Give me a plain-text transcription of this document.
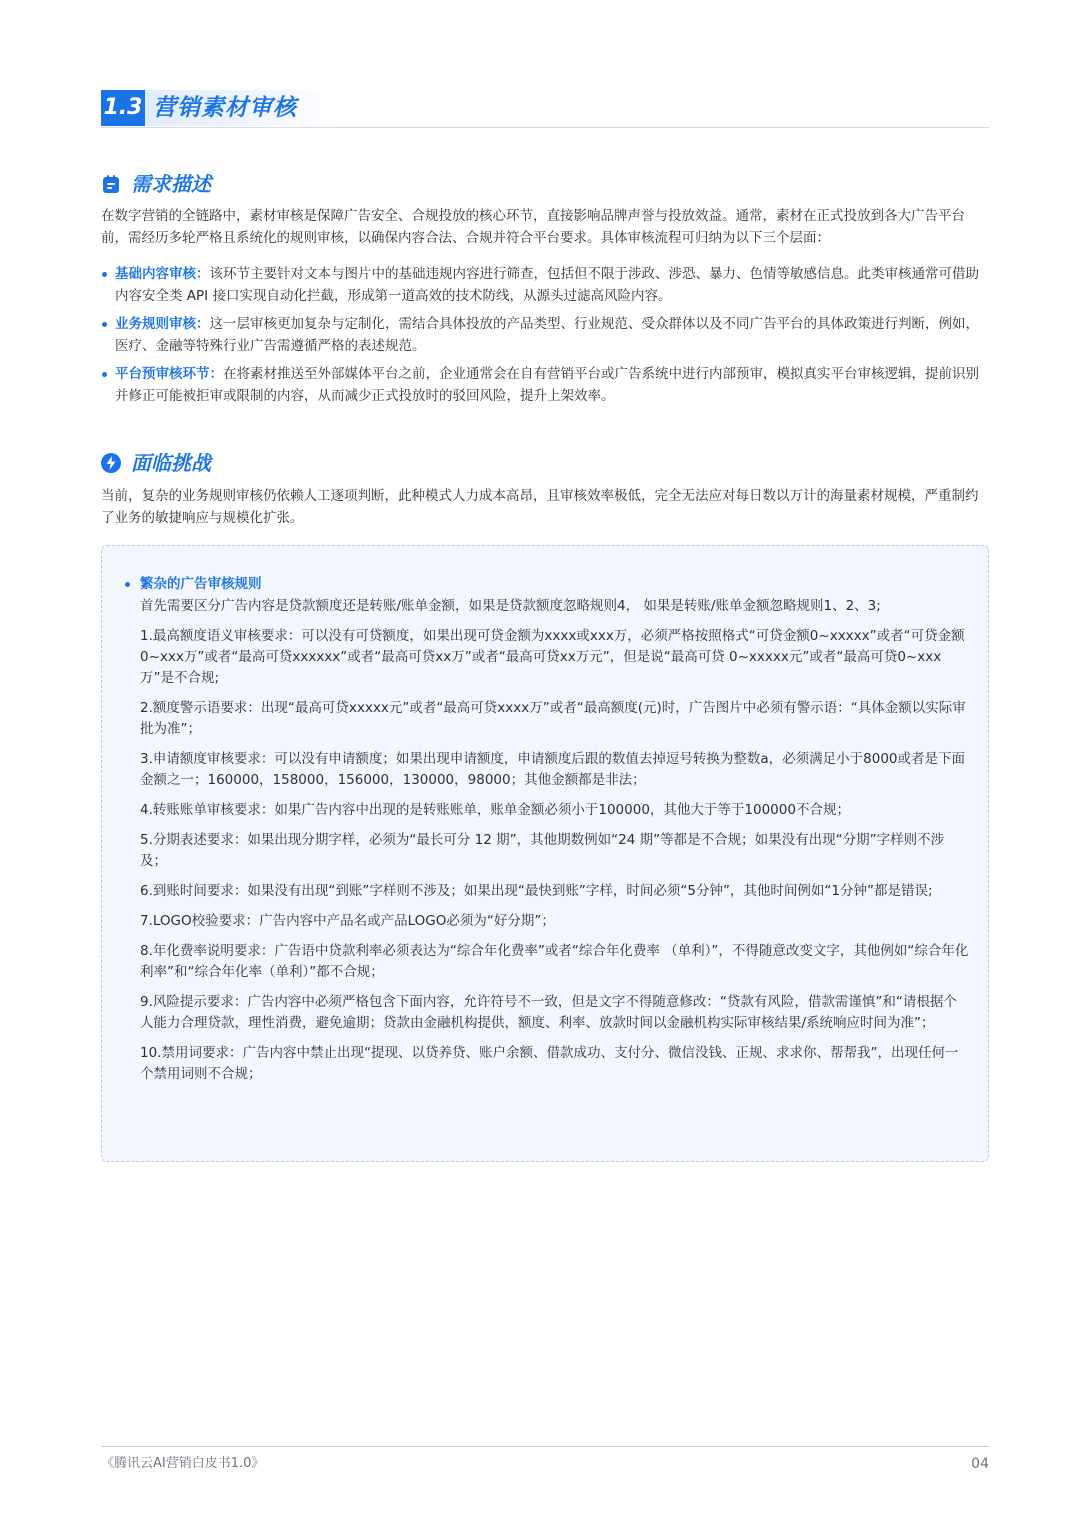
1.3 营销素材审核
需求描述

在数字营销的全链路中，素材审核是保障广告安全、合规投放的核心环节，直接影响品牌声誉与投放效益。通常，素材在正式投放到各大广告平台前，需经历多轮严格且系统化的规则审核，以确保内容合法、合规并符合平台要求。具体审核流程可归纳为以下三个层面：

基础内容审核：该环节主要针对文本与图片中的基础违规内容进行筛查，包括但不限于涉政、涉恐、暴力、色情等敏感信息。此类审核通常可借助内容安全类 API 接口实现自动化拦截，形成第一道高效的技术防线，从源头过滤高风险内容。
业务规则审核：这一层审核更加复杂与定制化，需结合具体投放的产品类型、行业规范、受众群体以及不同广告平台的具体政策进行判断，例如，医疗、金融等特殊行业广告需遵循严格的表述规范。
平台预审核环节：在将素材推送至外部媒体平台之前，企业通常会在自有营销平台或广告系统中进行内部预审，模拟真实平台审核逻辑，提前识别并修正可能被拒审或限制的内容，从而减少正式投放时的驳回风险，提升上架效率。
面临挑战

当前，复杂的业务规则审核仍依赖人工逐项判断，此种模式人力成本高昂，且审核效率极低，完全无法应对每日数以万计的海量素材规模，严重制约了业务的敏捷响应与规模化扩张。

繁杂的广告审核规则
首先需要区分广告内容是贷款额度还是转账/账单金额，如果是贷款额度忽略规则4， 如果是转账/账单金额忽略规则1、2、3;
1.最高额度语义审核要求：可以没有可贷额度，如果出现可贷金额为xxxx或xxx万，必须严格按照格式“可贷金额0~xxxxx”或者“可贷金额0~xxx万”或者“最高可贷xxxxxx”或者“最高可贷xx万”或者“最高可贷xx万元”，但是说“最高可贷 0~xxxxx元”或者“最高可贷0~xxx万”是不合规;
2.额度警示语要求：出现“最高可贷xxxxx元”或者“最高可贷xxxx万”或者“最高额度(元)时，广告图片中必须有警示语：“具体金额以实际审批为准”；
3.申请额度审核要求：可以没有申请额度；如果出现申请额度，申请额度后跟的数值去掉逗号转换为整数a，必须满足小于8000或者是下面金额之一；160000，158000，156000，130000，98000；其他金额都是非法；
4.转账账单审核要求：如果广告内容中出现的是转账账单，账单金额必须小于100000，其他大于等于100000不合规；
5.分期表述要求：如果出现分期字样，必须为“最长可分 12 期”，其他期数例如“24 期”等都是不合规；如果没有出现“分期”字样则不涉及；
6.到账时间要求：如果没有出现“到账”字样则不涉及；如果出现“最快到账”字样，时间必须“5分钟”，其他时间例如“1分钟”都是错误;
7.LOGO校验要求：广告内容中产品名或产品LOGO必须为“好分期”；
8.年化费率说明要求：广告语中贷款利率必须表达为“综合年化费率”或者“综合年化费率 （单利）”，不得随意改变文字，其他例如“综合年化利率”和“综合年化率（单利）”都不合规；
9.风险提示要求：广告内容中必须严格包含下面内容，允许符号不一致，但是文字不得随意修改：“贷款有风险，借款需谨慎”和“请根据个人能力合理贷款，理性消费，避免逾期；贷款由金融机构提供，额度、利率、放款时间以金融机构实际审核结果/系统响应时间为准”；
10.禁用词要求：广告内容中禁止出现“提现、以贷养贷、账户余额、借款成功、支付分、微信没钱、正规、求求你、帮帮我”，出现任何一个禁用词则不合规；
《腾讯云AI营销白皮书1.0》	04
